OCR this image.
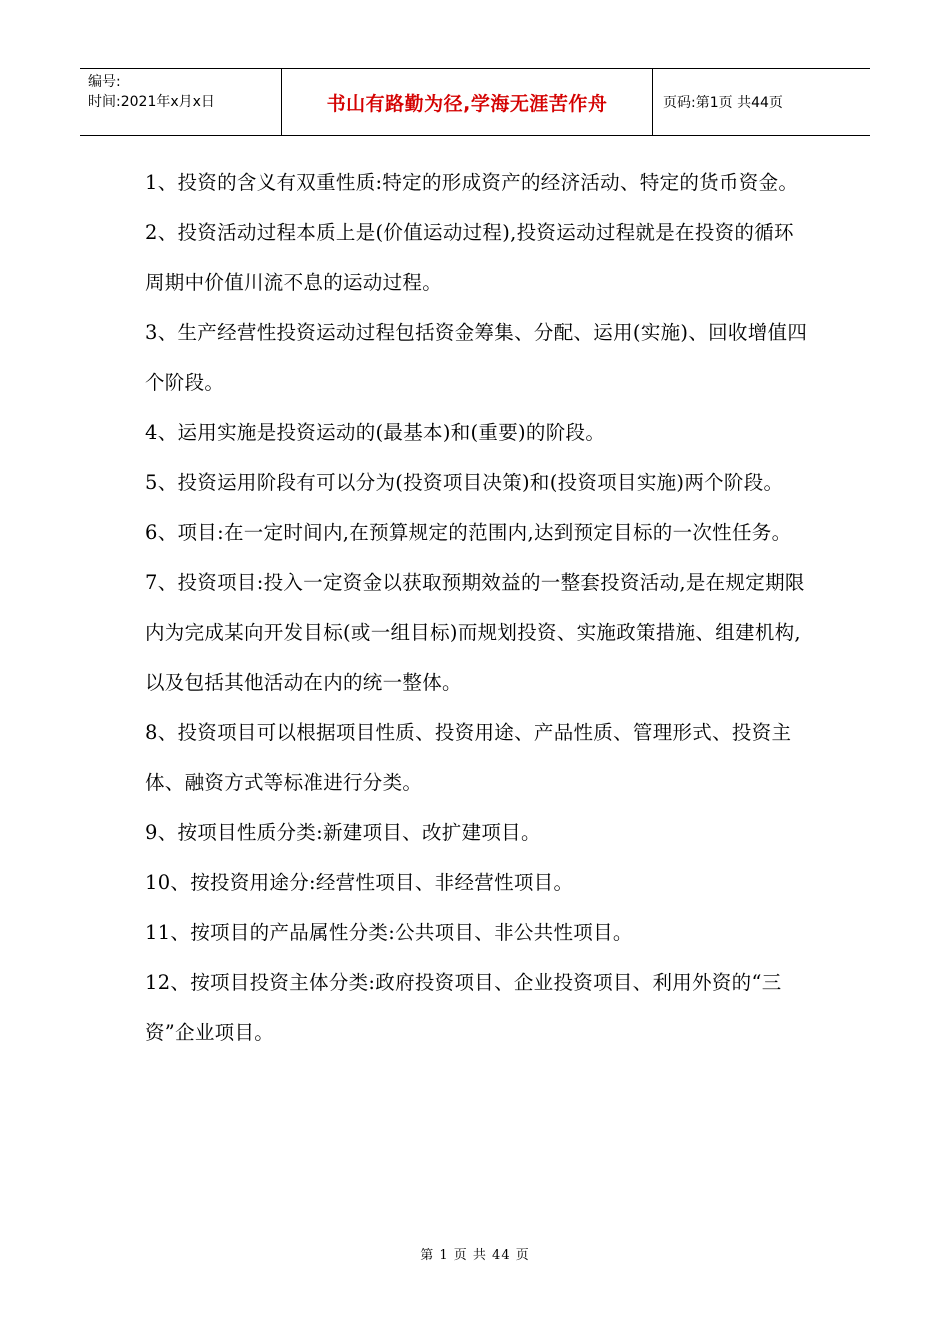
编号:
时间:2021年x月x日	书山有路勤为径,学海无涯苦作舟	页码:第1页 共44页

1、投资的含义有双重性质:特定的形成资产的经济活动、特定的货币资金。

2、投资活动过程本质上是(价值运动过程),投资运动过程就是在投资的循环周期中价值川流不息的运动过程。

3、生产经营性投资运动过程包括资金筹集、分配、运用(实施)、回收增值四个阶段。

4、运用实施是投资运动的(最基本)和(重要)的阶段。

5、投资运用阶段有可以分为(投资项目决策)和(投资项目实施)两个阶段。

6、项目:在一定时间内,在预算规定的范围内,达到预定目标的一次性任务。

7、投资项目:投入一定资金以获取预期效益的一整套投资活动,是在规定期限内为完成某向开发目标(或一组目标)而规划投资、实施政策措施、组建机构,以及包括其他活动在内的统一整体。

8、投资项目可以根据项目性质、投资用途、产品性质、管理形式、投资主体、融资方式等标准进行分类。

9、按项目性质分类:新建项目、改扩建项目。

10、按投资用途分:经营性项目、非经营性项目。

11、按项目的产品属性分类:公共项目、非公共性项目。

12、按项目投资主体分类:政府投资项目、企业投资项目、利用外资的“三资”企业项目。

第 1 页 共 44 页
